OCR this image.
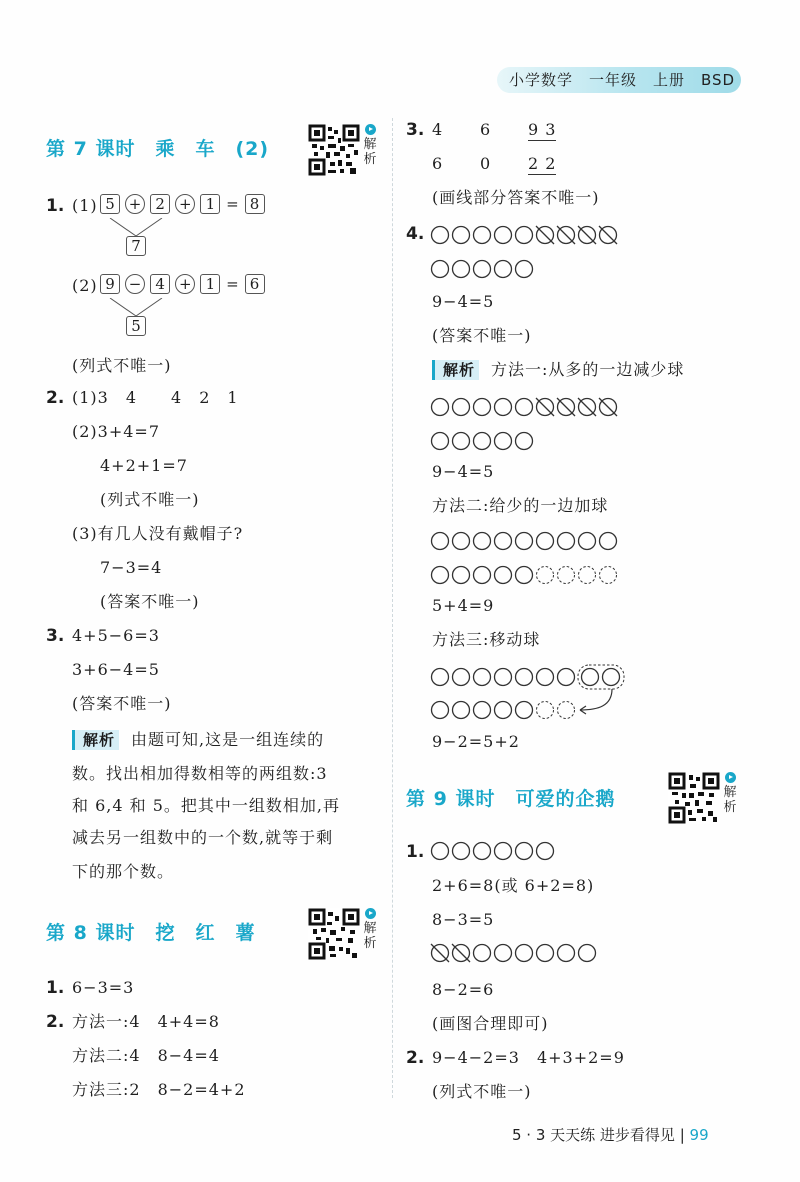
小学数学　一年级　上册　BSD
第 7 课时　乘　车　(2)	解析
1. (1) 5 + 2 + 1 = 8
7
(2) 9 − 4 + 1 = 6
5
(列式不唯一)
2. (1)3　4　　4　2　1
(2)3+4=7
4+2+1=7
(列式不唯一)
(3)有几人没有戴帽子?
7−3=4
(答案不唯一)
3. 4+5−6=3
3+6−4=5
(答案不唯一)
解析 由题可知,这是一组连续的
数。找出相加得数相等的两组数:3
和 6,4 和 5。把其中一组数相加,再
减去另一组数中的一个数,就等于剩
下的那个数。
第 8 课时　挖　红　薯	解析
1. 6−3=3
2. 方法一:4　4+4=8
方法二:4　8−4=4
方法三:2　8−2=4+2
3. 4 6 9 3
6 0 2 2
(画线部分答案不唯一)
4.
9−4=5
(答案不唯一)
解析 方法一:从多的一边减少球
9−4=5
方法二:给少的一边加球
5+4=9
方法三:移动球
9−2=5+2
第 9 课时　可爱的企鹅	解析
1.
2+6=8(或 6+2=8)
8−3=5
8−2=6
(画图合理即可)
2. 9−4−2=3　4+3+2=9
(列式不唯一)
5 · 3 天天练 进步看得见 | 99
